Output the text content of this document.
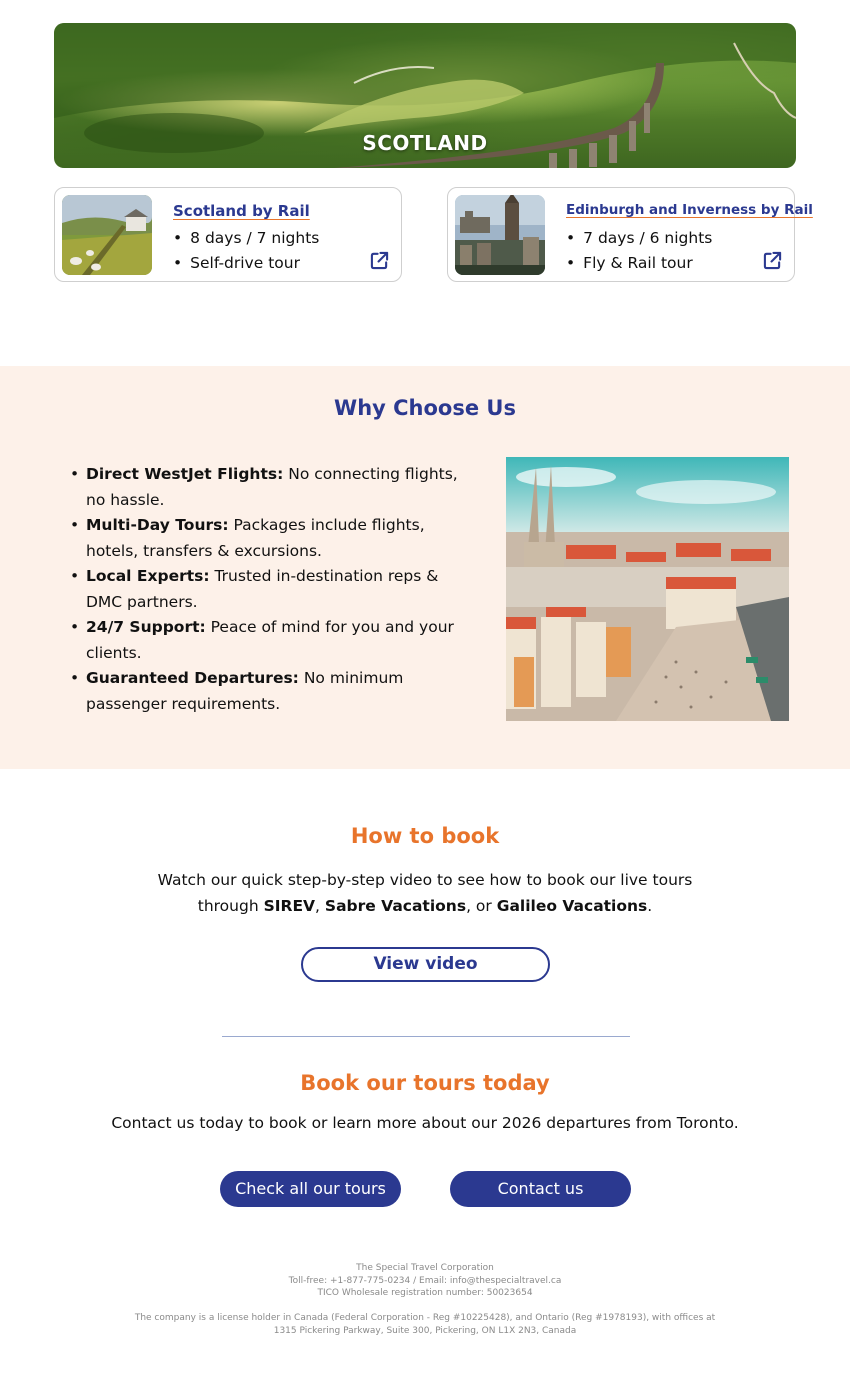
SCOTLAND
Scotland by Rail
• 8 days / 7 nights
• Self-drive tour
Edinburgh and Inverness by Rail
• 7 days / 6 nights
• Fly & Rail tour
Why Choose Us
• Direct WestJet Flights: No connecting flights, no hassle.
• Multi-Day Tours: Packages include flights, hotels, transfers & excursions.
• Local Experts: Trusted in-destination reps & DMC partners.
• 24/7 Support: Peace of mind for you and your clients.
• Guaranteed Departures: No minimum passenger requirements.
How to book

Watch our quick step-by-step video to see how to book our live tours through SIREV, Sabre Vacations, or Galileo Vacations.

View video
Book our tours today

Contact us today to book or learn more about our 2026 departures from Toronto.

Check all our tours	Contact us
The Special Travel Corporation
Toll-free: +1-877-775-0234 / Email: info@thespecialtravel.ca
TICO Wholesale registration number: 50023654
The company is a license holder in Canada (Federal Corporation - Reg #10225428), and Ontario (Reg #1978193), with offices at
1315 Pickering Parkway, Suite 300, Pickering, ON L1X 2N3, Canada
